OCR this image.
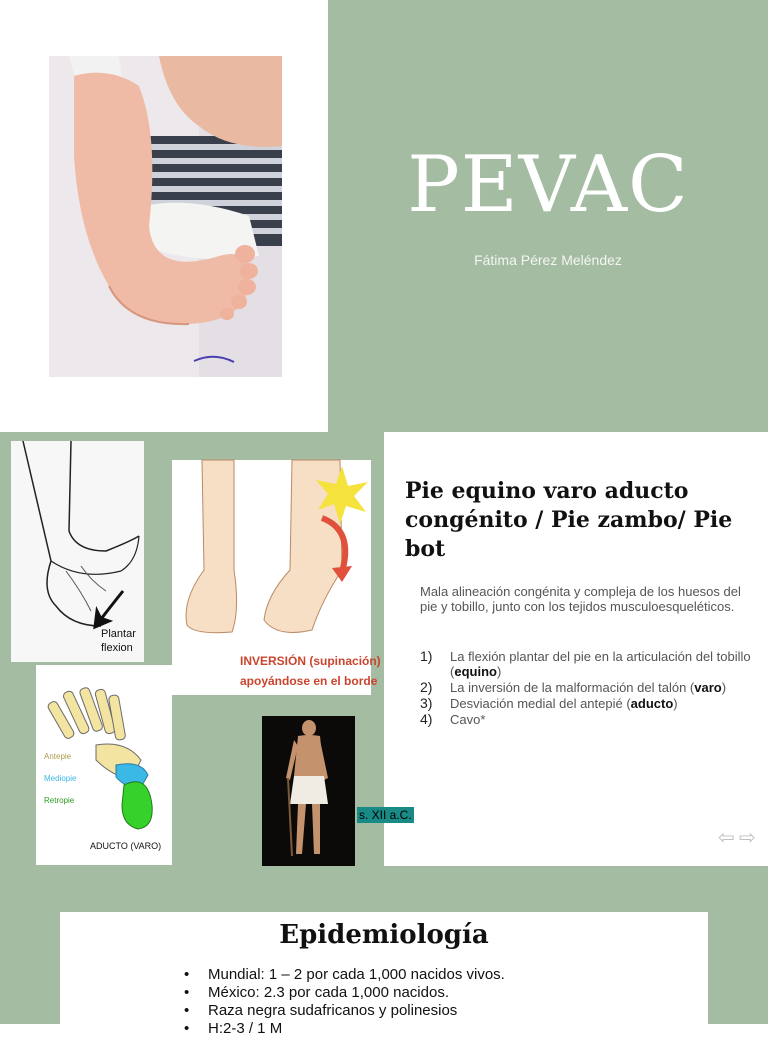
PEVAC
Fátima Pérez Meléndez
Plantar
flexion
INVERSIÓN (supinación)
apoyándose en el borde
Antepie
Mediopie
Retropie
ADUCTO (VARO)
s. XII a.C.
Pie equino varo aducto congénito / Pie zambo/ Pie bot

Mala alineación congénita y compleja de los huesos del pie y tobillo, junto con los tejidos musculoesqueléticos.

1)	La flexión plantar del pie en la articulación del tobillo (equino)
2)	La inversión de la malformación del talón (varo)
3)	Desviación medial del antepié (aducto)
4)	Cavo*
⇦ ⇨
Epidemiología
• Mundial: 1 – 2 por cada 1,000 nacidos vivos.
• México: 2.3 por cada 1,000 nacidos.
• Raza negra sudafricanos y polinesios
• H:2-3 / 1 M
